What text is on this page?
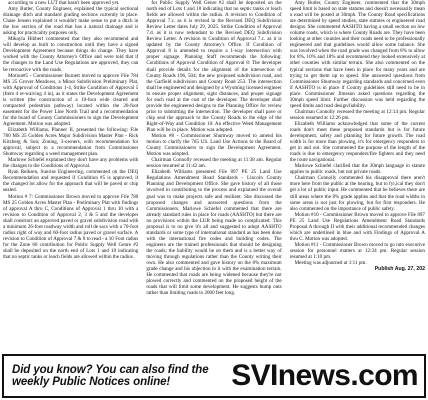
according to a new LUT that hasn't been approved yet.

Amy Butler, County Engineer, explained the typical sectional drainage ditch and standard grading sections currently in place. Chase Jensen explained it wouldn't make sense to put a ditch in the low section of the road that has a natural drainage and is asking for practicality purposes only.

Mikayla Hibbert commented that they also recommend and will develop as built to construction until they have a signed Development Agreement because things do change. They have worked with the County Attorney's Office and were told that if the changes to the Land Use Regulations are approved, they can be retroactive with the roads.

Motion#5 - Commissioner Burnett moved to approve File 784 MS 25 Grover Meadows, a Minor Subdivision Preliminary Plat, with Approval of Conditions 1-4, Strike Condition of Approval 5 (Item 4 re-waiving 4 in), as it states the Development Agreement is written (the construction of a 10-foot wide cleared and compacted pedestrian pathway) located within the 20-foot easement for the Power Line North Trail and a recommendation for the board of County Commissioners to sign the Development Agreement. Motion was adopted.

Elizabeth Williams, Planner II, presented the following: File 780 MS 25 Golden Acres Major Subdivision Master Plan - Rick Kitzberg & Son; Zoning, 3-owners, with recommendation for approval, subject to a recommendation from Commissioner Shumway regarding a weed management plan.

Marlowe Schiefel explained they don't have any problems with the changes to the Conditions of Approval.

Ryan Reiksen, Sunrise Engineering, commented on the DEQ Recommendation and requested if Condition #5 is approved, if the changed lot allow for the approach that will be paved or chip sealed.

Motion # 7: Commissioner Brown moved to approve File 780 MS 25 Golden Acres Master Plan - Preliminary Plat with findings of approval A thru C, Conditions of Approval 1 thru 10 with a revision to Condition of Approval 2, 3 & 5 and the developer shall construct an approved paved or gravel subdivision road with a minimum 26-foot roadway width and roll de sacs with a 70-foot radius right of way and 60-foot radius paved or gravel surface. A revision to Condition of Approval 7 & 8 to read - a 10 Foot radius for the Zone 60 contribution for Public Supply Well Genre #2 shall be deposited on the north end of Lots 1 and 18 indicating that no septic tanks or leach fields are allowed within the radius.

for Public Supply Well Genre #2 shall be deposited on the north end of Lots 1 and 18 indicating that no septic tanks or leach fields are allowed within the radius. A revision to Condition of Approval 7.c. as it is revised in the Revised DEQ Subdivision Review Letter dates July 29, 2025. Strike Condition of Approval 7.d. as it is now redundant to the Revised DEQ Subdivision Review Letter. A revision to Condition of Approval 7.c. as it is updated by the County Attorney's Office. If Condition of Approval 8 is amended to require a 1-way intersection with proper signage. Planning Staff recommends the following: Conditions of Approval Condition of Approval 8: The developer shall provide details for the alignment of the intersection of County Roads 196, 504; the new proposed subdivision road, and the Garfield subdivision and County Road 253. The intersection shall be engineered and designed by a Wyoming licensed engineer to ensure proper alignment, sight distances, and proper signage for each road at the cost of the developer. The developer shall provide the engineered designs to the Planning Office for review prior to submitting the intersection. The developer shall pave or chip seal the approach to the County Roads to the edge of the Right-of-Way and Condition 10: An effective Weed Management Plan will be in place. Motion was adopted.

Motion #8 - Commissioner Shumway moved to amend his motion to clarify the 765 US. Land Use Actions to the Board of County Commissioners to sign the Development Agreement. Motion was adopted.

Chairman Connolly recessed the meeting at 11:38 am. Regular session resumed at 11:42 am.

Elizabeth Williams presented File 897 PE 25 Land Use Regulations Amendment Road Standards - Lincoln County Planning and Development Office. She gave history of all those involved in contributing to the process and explained the overall goal was to make projects safe and resilient. She discussed the proposed changes and answered questions from the Commissioners. Marlowe Schiefel commented that there are already standard rules in place for roads (AASHTO) but there are no provisions within the LUR being made so complicated. This proposal is to no give it's all and suggested to adopt AASHTO standards or some type of international standard as has been done with the international fire codes and building codes. The engineers are the trained professionals that should be designing the roads; the liability would be on them and is a better way of moving through regulations rather than the County writing their own. He also commented and gave history on the 8% maximum grade change and his objection to it with the examination terrain. He commented that roads are being widened because they're not plowed correctly and commented on the proposed height of the roads that will limit some development. He suggests bump outs rather than limiting roads to 2000 feet long.

Amy Butler, County Engineer, commented that the 30mph speed limit is based on state statutes and doesn't necessarily mean a road will be posted at 30mph. The County Road specifications are determined by speed studies, state statutes or engineered road designs. She commented AASHTO having a small section on low volume roads, which is where County Roads are. They have been looking at other counties and their roads need to be professionally engineered and that guidelines would allow some balance. She was involved when the road grade was changed from 8% to allow for 8%, 10% and 18% and recommend they looked extensively at other counties with similar terrain. She also commented on the typical sections that have been in place for many years and are trying to get them up to speed. She answered questions from Commissioner Shumway regarding standards and concerned even if AASHTO is in place if County guidelines still need to be in place. Commissioner Jimeson asked questions regarding the 30mph speed limit. Further discussion was held regarding the speed limits and road design/liability.

Chairman Connolly recessed the meeting at 12:14 pm. Regular session resumed at 12:26 pm.

Elizabeth Williams acknowledged that some of the current roads don't meet these proposed standards but is for future development, safety and planning for future growth. The road width is for more than plowing, it's for emergency responders to get in and out. She commented the purpose of the length of the roads is due to emergency responders/fire fighters and they need the route navigational.

Marlowe Schiefel clarified that the 30mph language in statute applies to public roads, but not private roads.

Chairman Connolly commented his disapproval there aren't more here from the public at the hearing, but to fyi,ical they don't get a lot of public input. He commented that he believes there are still areas where the 8% grade applies and that the road widths in some areas is not just for plowing, but for first responders. He also commented on the importance of public safety.

Motion #10 - Commissioner Brown moved to approve File 897 PE 25 Land Use Regulations Amendment Road Standards Proposal A through II with their additional recommended changes which are underlined in blue and with Findings of Approval A thru C. Motion was adopted.

Motion #11 - Commissioner Brown moved to go into executive session for personnel matters at 12:34 pm. Regular session resumed at 1:10 pm.

Meeting was adjourned at 1:11 pm.

Publish Aug. 27, 202

Did you know? You can also find the weekly Public Notices online!	SVInews.com
